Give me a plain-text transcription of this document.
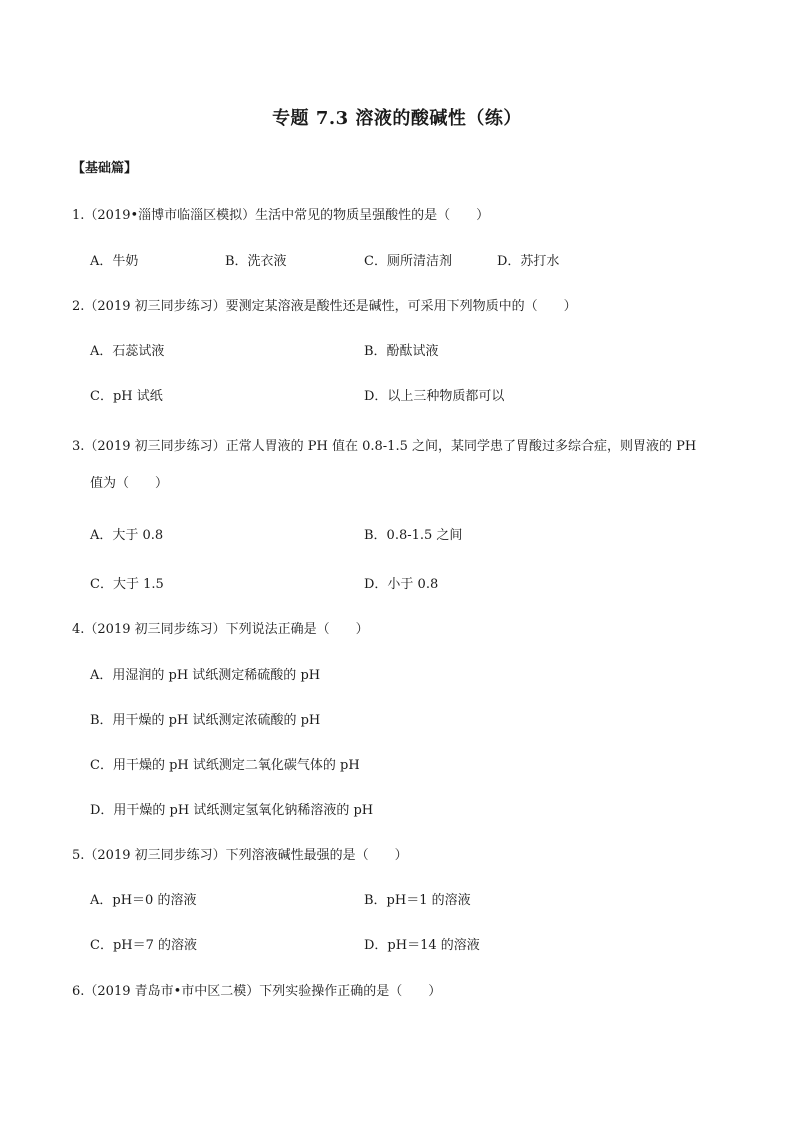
专题 7.3 溶液的酸碱性（练）
【基础篇】
1.（2019•淄博市临淄区模拟）生活中常见的物质呈强酸性的是（　　）
A．牛奶	B．洗衣液	C．厕所清洁剂	D．苏打水
2.（2019 初三同步练习）要测定某溶液是酸性还是碱性，可采用下列物质中的（　　）
A．石蕊试液	B．酚酞试液
C．pH 试纸	D．以上三种物质都可以
3.（2019 初三同步练习）正常人胃液的 PH 值在 0.8-1.5 之间，某同学患了胃酸过多综合症，则胃液的 PH
值为（　　）
A．大于 0.8	B．0.8-1.5 之间
C．大于 1.5	D．小于 0.8
4.（2019 初三同步练习）下列说法正确是（　　）
A．用湿润的 pH 试纸测定稀硫酸的 pH
B．用干燥的 pH 试纸测定浓硫酸的 pH
C．用干燥的 pH 试纸测定二氧化碳气体的 pH
D．用干燥的 pH 试纸测定氢氧化钠稀溶液的 pH
5.（2019 初三同步练习）下列溶液碱性最强的是（　　）
A．pH＝0 的溶液	B．pH＝1 的溶液
C．pH＝7 的溶液	D．pH＝14 的溶液
6.（2019 青岛市•市中区二模）下列实验操作正确的是（　　）
